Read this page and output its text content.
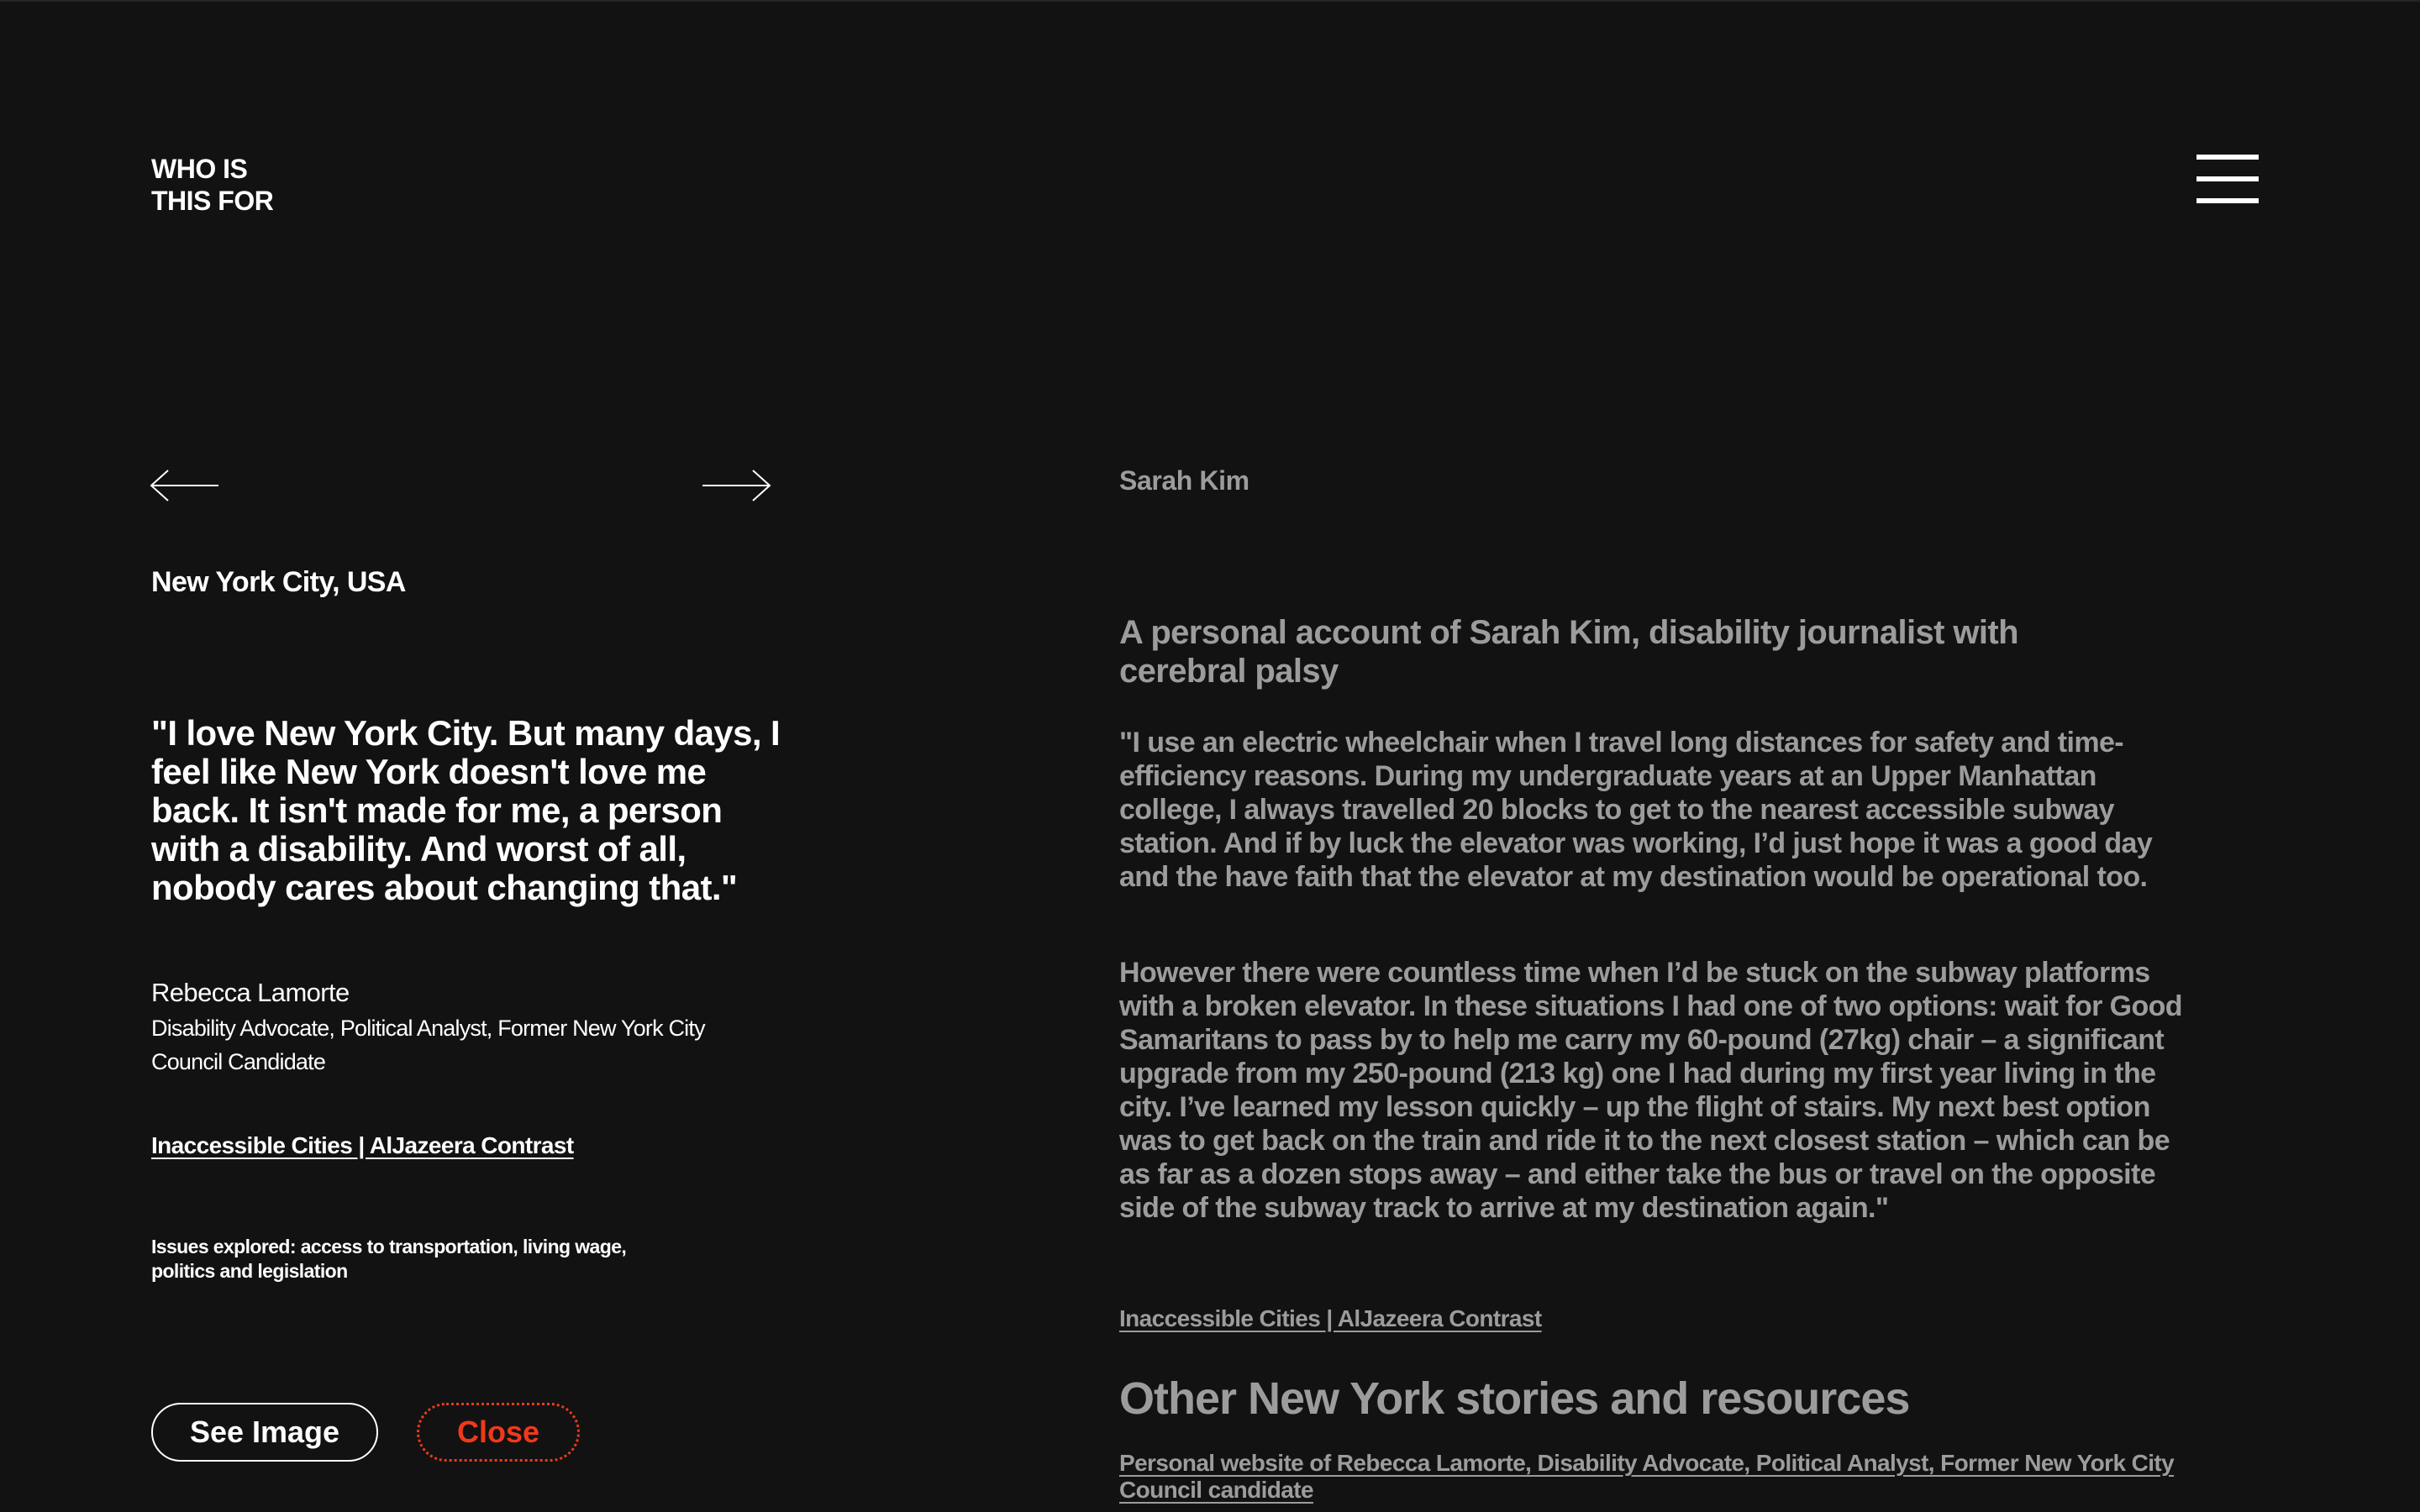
WHO IS
THIS FOR
New York City, USA
"I love New York City. But many days, I feel like New York doesn't love me back. It isn't made for me, a person with a disability. And worst of all, nobody cares about changing that."
Rebecca Lamorte
Disability Advocate, Political Analyst, Former New York City Council Candidate
Inaccessible Cities | AlJazeera Contrast
Issues explored: access to transportation, living wage, politics and legislation
See Image	Close
Sarah Kim
A personal account of Sarah Kim, disability journalist with cerebral palsy

"I use an electric wheelchair when I travel long distances for safety and time-efficiency reasons. During my undergraduate years at an Upper Manhattan college, I always travelled 20 blocks to get to the nearest accessible subway station. And if by luck the elevator was working, I’d just hope it was a good day and the have faith that the elevator at my destination would be operational too.

However there were countless time when I’d be stuck on the subway platforms with a broken elevator. In these situations I had one of two options: wait for Good Samaritans to pass by to help me carry my 60-pound (27kg) chair – a significant upgrade from my 250-pound (213 kg) one I had during my first year living in the city. I’ve learned my lesson quickly – up the flight of stairs. My next best option was to get back on the train and ride it to the next closest station – which can be as far as a dozen stops away – and either take the bus or travel on the opposite side of the subway track to arrive at my destination again."

Inaccessible Cities | AlJazeera Contrast
Other New York stories and resources
Personal website of Rebecca Lamorte, Disability Advocate, Political Analyst, Former New York City Council candidate
